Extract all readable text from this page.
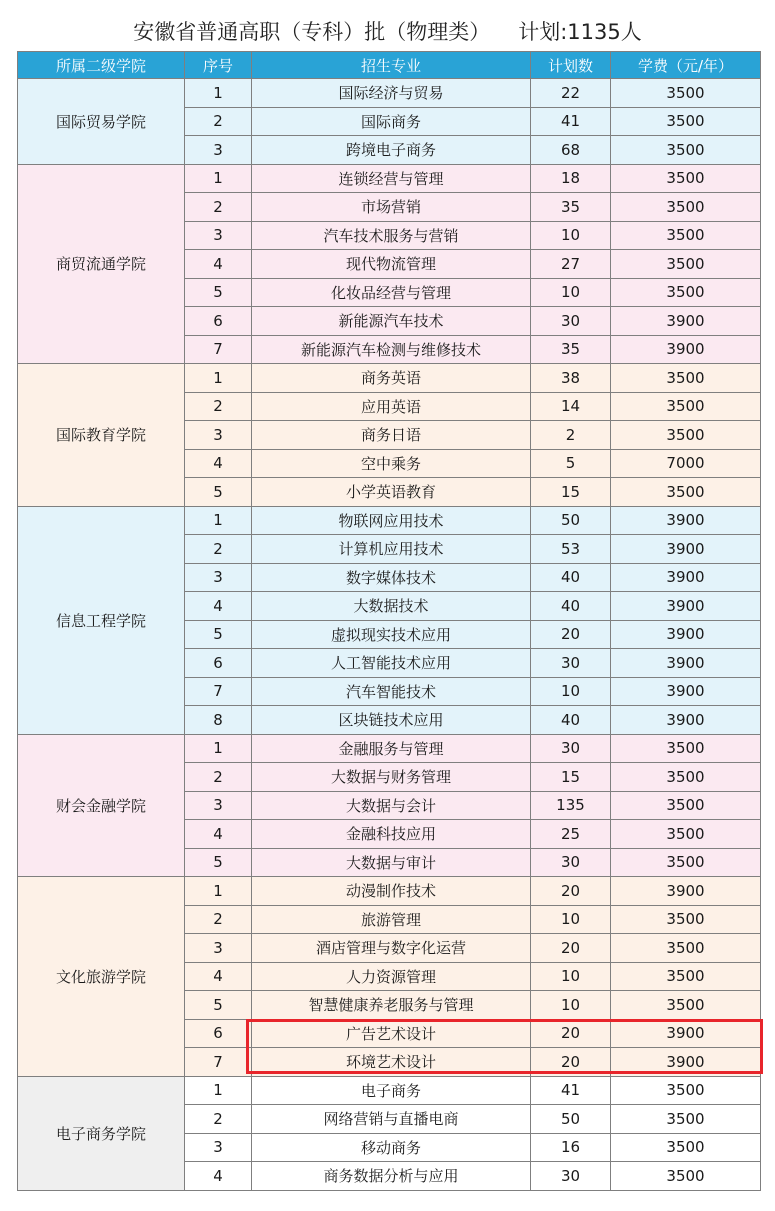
安徽省普通高职（专科）批（物理类） 计划:1135人
所属二级学院	序号	招生专业	计划数	学费（元/年）
国际贸易学院	1	国际经济与贸易	22	3500
	2	国际商务	41	3500
	3	跨境电子商务	68	3500
商贸流通学院	1	连锁经营与管理	18	3500
	2	市场营销	35	3500
	3	汽车技术服务与营销	10	3500
	4	现代物流管理	27	3500
	5	化妆品经营与管理	10	3500
	6	新能源汽车技术	30	3900
	7	新能源汽车检测与维修技术	35	3900
国际教育学院	1	商务英语	38	3500
	2	应用英语	14	3500
	3	商务日语	2	3500
	4	空中乘务	5	7000
	5	小学英语教育	15	3500
信息工程学院	1	物联网应用技术	50	3900
	2	计算机应用技术	53	3900
	3	数字媒体技术	40	3900
	4	大数据技术	40	3900
	5	虚拟现实技术应用	20	3900
	6	人工智能技术应用	30	3900
	7	汽车智能技术	10	3900
	8	区块链技术应用	40	3900
财会金融学院	1	金融服务与管理	30	3500
	2	大数据与财务管理	15	3500
	3	大数据与会计	135	3500
	4	金融科技应用	25	3500
	5	大数据与审计	30	3500
文化旅游学院	1	动漫制作技术	20	3900
	2	旅游管理	10	3500
	3	酒店管理与数字化运营	20	3500
	4	人力资源管理	10	3500
	5	智慧健康养老服务与管理	10	3500
	6	广告艺术设计	20	3900
	7	环境艺术设计	20	3900
电子商务学院	1	电子商务	41	3500
	2	网络营销与直播电商	50	3500
	3	移动商务	16	3500
	4	商务数据分析与应用	30	3500
